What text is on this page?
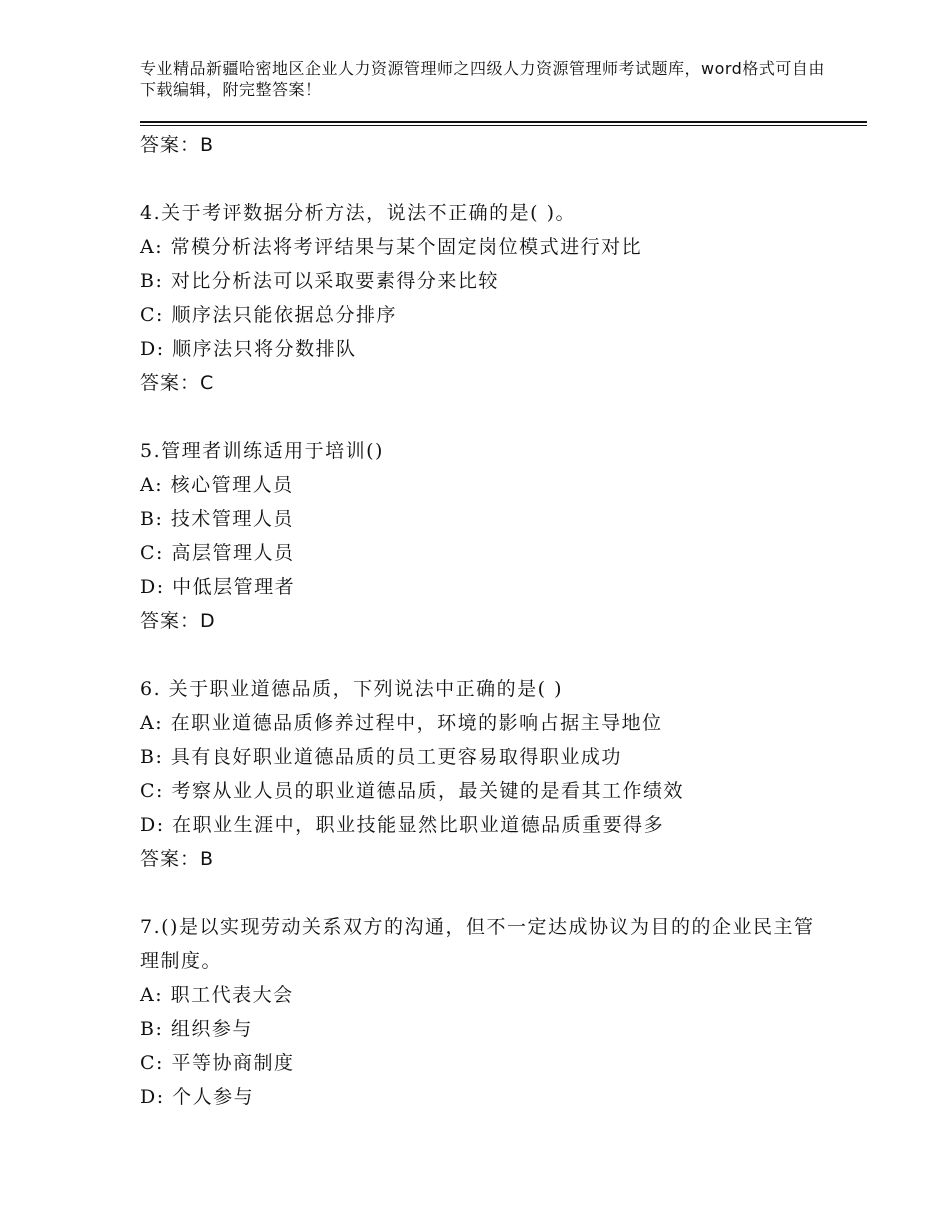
专业精品新疆哈密地区企业人力资源管理师之四级人力资源管理师考试题库，word格式可自由下载编辑，附完整答案！
答案：B
4.关于考评数据分析方法，说法不正确的是( )。
A: 常模分析法将考评结果与某个固定岗位模式进行对比
B: 对比分析法可以采取要素得分来比较
C: 顺序法只能依据总分排序
D: 顺序法只将分数排队
答案：C
5.管理者训练适用于培训()
A: 核心管理人员
B: 技术管理人员
C: 高层管理人员
D: 中低层管理者
答案：D
6. 关于职业道德品质，下列说法中正确的是( )
A: 在职业道德品质修养过程中，环境的影响占据主导地位
B: 具有良好职业道德品质的员工更容易取得职业成功
C: 考察从业人员的职业道德品质，最关键的是看其工作绩效
D: 在职业生涯中，职业技能显然比职业道德品质重要得多
答案：B
7.()是以实现劳动关系双方的沟通，但不一定达成协议为目的的企业民主管理制度。
A: 职工代表大会
B: 组织参与
C: 平等协商制度
D: 个人参与
